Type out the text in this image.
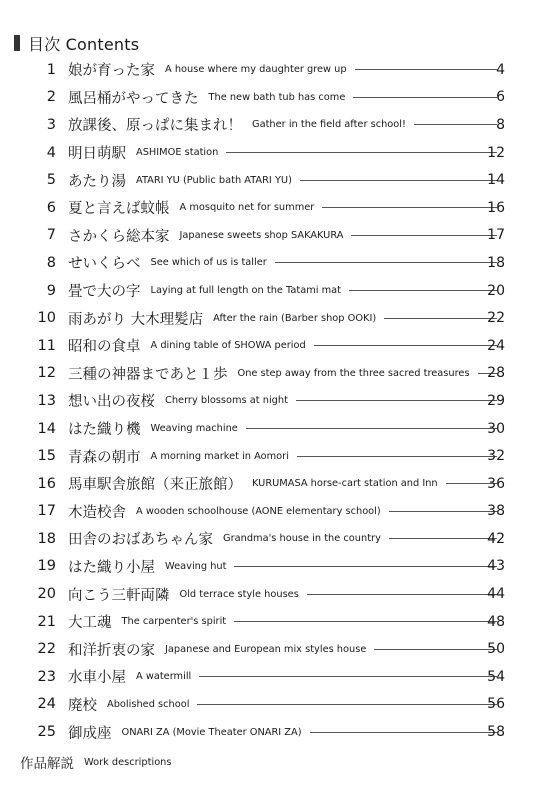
目次 Contents
1 娘が育った家 A house where my daughter grew up	4
2 風呂桶がやってきた The new bath tub has come	6
3 放課後、原っぱに集まれ！ Gather in the field after school!	8
4 明日萌駅 ASHIMOE station	12
5 あたり湯 ATARI YU (Public bath ATARI YU)	14
6 夏と言えば蚊帳 A mosquito net for summer	16
7 さかくら総本家 Japanese sweets shop SAKAKURA	17
8 せいくらべ See which of us is taller	18
9 畳で大の字 Laying at full length on the Tatami mat	20
10 雨あがり 大木理髪店 After the rain (Barber shop OOKI)	22
11 昭和の食卓 A dining table of SHOWA period	24
12 三種の神器まであと１歩 One step away from the three sacred treasures	28
13 想い出の夜桜 Cherry blossoms at night	29
14 はた織り機 Weaving machine	30
15 青森の朝市 A morning market in Aomori	32
16 馬車駅舎旅館（来正旅館） KURUMASA horse-cart station and Inn	36
17 木造校舎 A wooden schoolhouse (AONE elementary school)	38
18 田舎のおばあちゃん家 Grandma's house in the country	42
19 はた織り小屋 Weaving hut	43
20 向こう三軒両隣 Old terrace style houses	44
21 大工魂 The carpenter's spirit	48
22 和洋折衷の家 Japanese and European mix styles house	50
23 水車小屋 A watermill	54
24 廃校 Abolished school	56
25 御成座 ONARI ZA (Movie Theater ONARI ZA)	58
作品解説 Work descriptions
